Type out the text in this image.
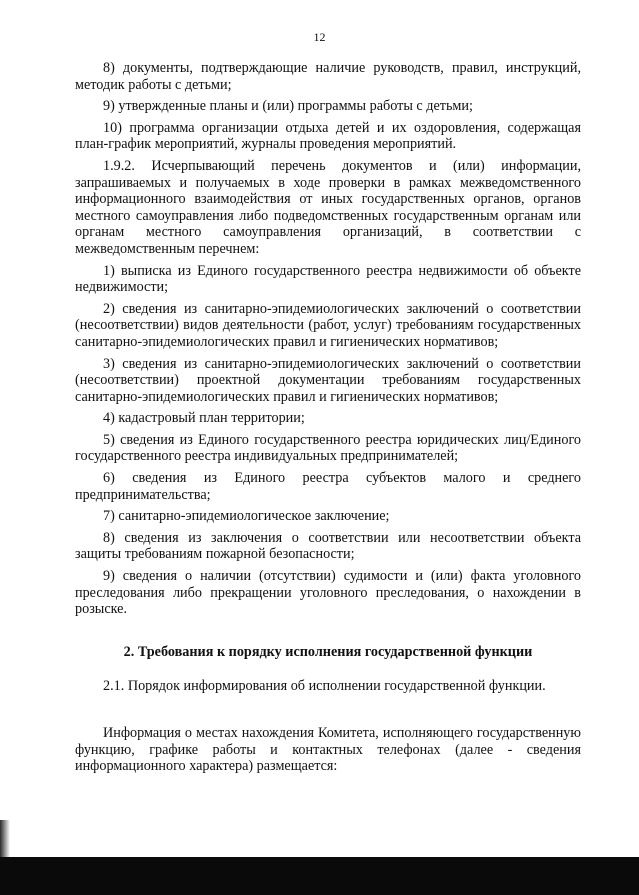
12

8) документы, подтверждающие наличие руководств, правил, инструкций, методик работы с детьми;

9) утвержденные планы и (или) программы работы с детьми;

10) программа организации отдыха детей и их оздоровления, содержащая план-график мероприятий, журналы проведения мероприятий.

1.9.2. Исчерпывающий перечень документов и (или) информации, запрашиваемых и получаемых в ходе проверки в рамках межведомственного информационного взаимодействия от иных государственных органов, органов местного самоуправления либо подведомственных государственным органам или органам местного самоуправления организаций, в соответствии с межведомственным перечнем:

1) выписка из Единого государственного реестра недвижимости об объекте недвижимости;

2) сведения из санитарно-эпидемиологических заключений о соответствии (несоответствии) видов деятельности (работ, услуг) требованиям государственных санитарно-эпидемиологических правил и гигиенических нормативов;

3) сведения из санитарно-эпидемиологических заключений о соответствии (несоответствии) проектной документации требованиям государственных санитарно-эпидемиологических правил и гигиенических нормативов;

4) кадастровый план территории;

5) сведения из Единого государственного реестра юридических лиц/Единого государственного реестра индивидуальных предпринимателей;

6) сведения из Единого реестра субъектов малого и среднего предпринимательства;

7) санитарно-эпидемиологическое заключение;

8) сведения из заключения о соответствии или несоответствии объекта защиты требованиям пожарной безопасности;

9) сведения о наличии (отсутствии) судимости и (или) факта уголовного преследования либо прекращении уголовного преследования, о нахождении в розыске.

2. Требования к порядку исполнения государственной функции

2.1. Порядок информирования об исполнении государственной функции.

Информация о местах нахождения Комитета, исполняющего государственную функцию, графике работы и контактных телефонах (далее - сведения информационного характера) размещается:
